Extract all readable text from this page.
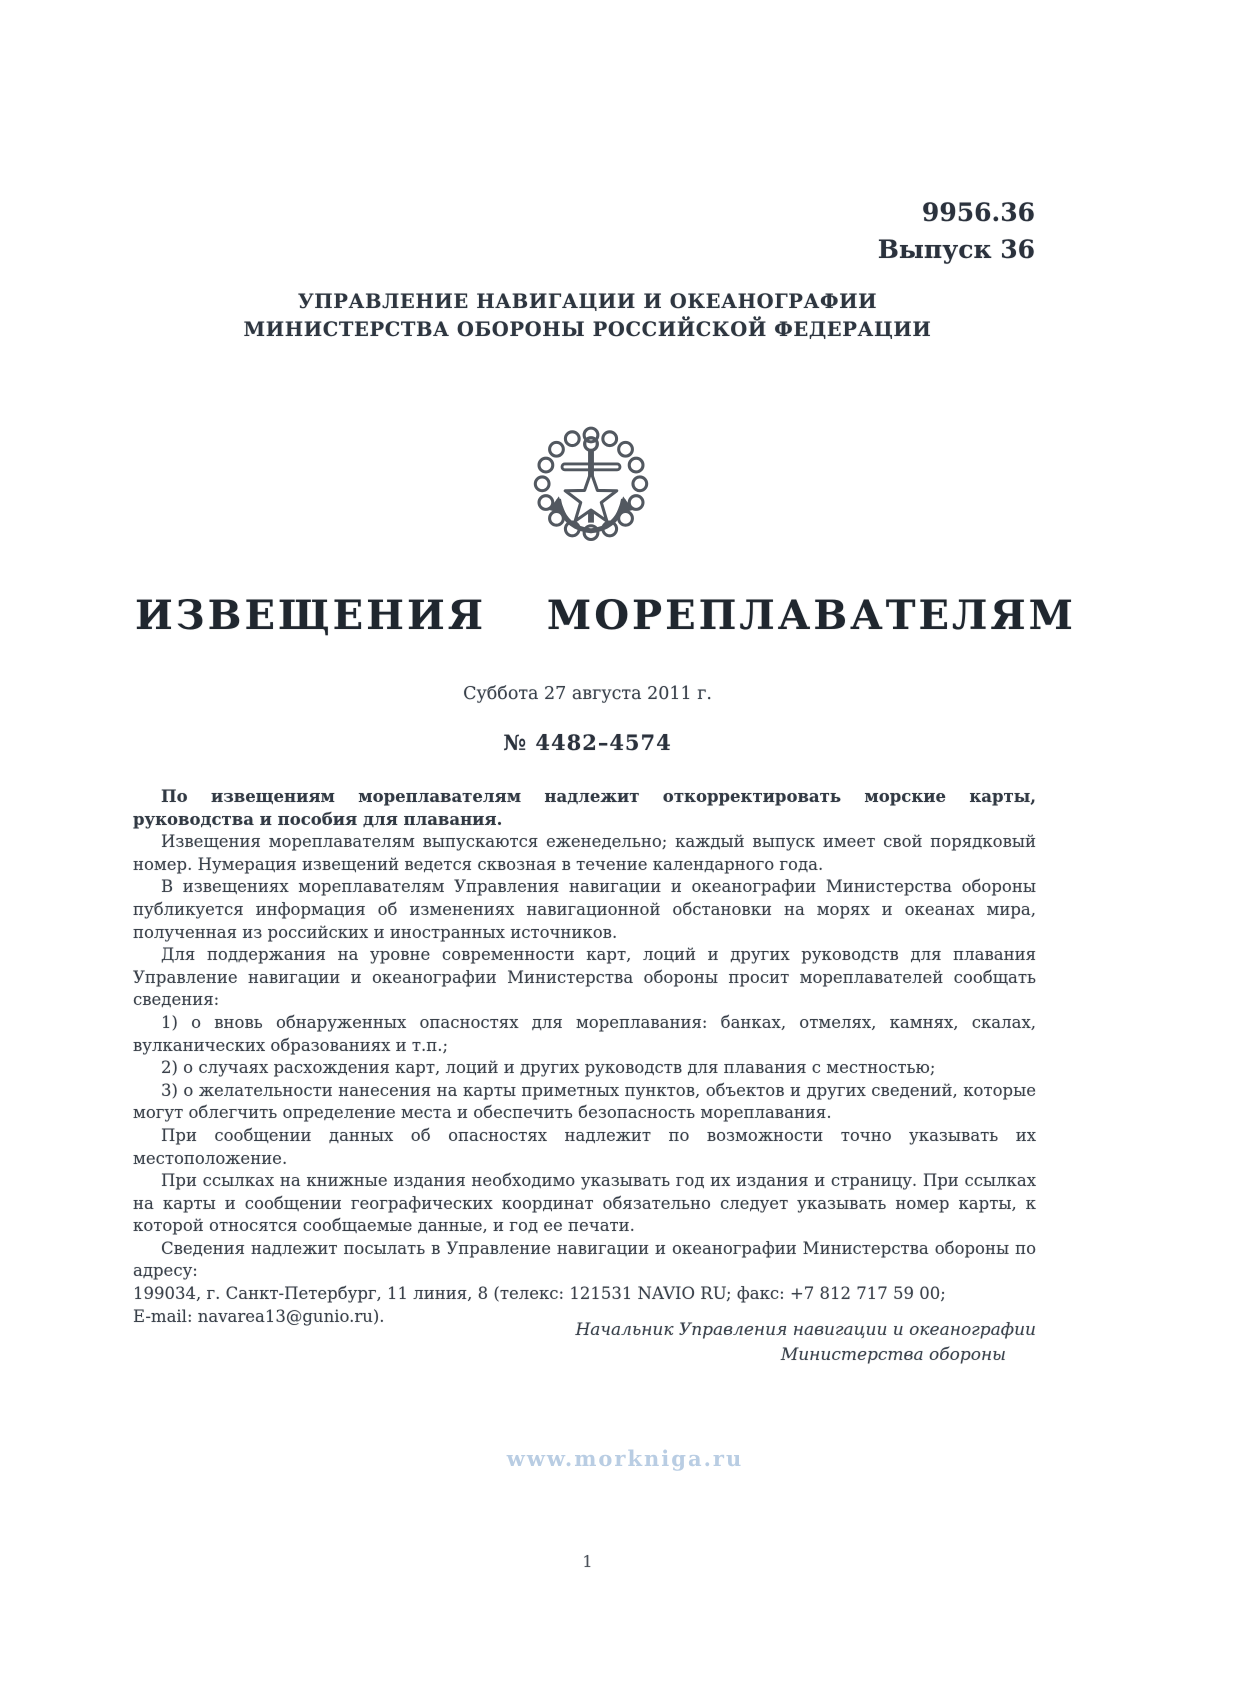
9956.36
Выпуск 36
УПРАВЛЕНИЕ НАВИГАЦИИ И ОКЕАНОГРАФИИ
МИНИСТЕРСТВА ОБОРОНЫ РОССИЙСКОЙ ФЕДЕРАЦИИ
ИЗВЕЩЕНИЯ МОРЕПЛАВАТЕЛЯМ
Суббота 27 августа 2011 г.
№ 4482–4574

По извещениям мореплавателям надлежит откорректировать морские карты, руководства и пособия для плавания.

Извещения мореплавателям выпускаются еженедельно; каждый выпуск имеет свой порядковый номер. Нумерация извещений ведется сквозная в течение календарного года.

В извещениях мореплавателям Управления навигации и океанографии Министерства обороны публикуется информация об изменениях навигационной обстановки на морях и океанах мира, полученная из российских и иностранных источников.

Для поддержания на уровне современности карт, лоций и других руководств для плавания Управление навигации и океанографии Министерства обороны просит мореплавателей сообщать сведения:

1) о вновь обнаруженных опасностях для мореплавания: банках, отмелях, камнях, скалах, вулканических образованиях и т.п.;

2) о случаях расхождения карт, лоций и других руководств для плавания с местностью;

3) о желательности нанесения на карты приметных пунктов, объектов и других сведений, которые могут облегчить определение места и обеспечить безопасность мореплавания.

При сообщении данных об опасностях надлежит по возможности точно указывать их местоположение.

При ссылках на книжные издания необходимо указывать год их издания и страницу. При ссылках на карты и сообщении географических координат обязательно следует указывать номер карты, к которой относятся сообщаемые данные, и год ее печати.

Сведения надлежит посылать в Управление навигации и океанографии Министерства обороны по адресу:

199034, г. Санкт-Петербург, 11 линия, 8 (телекс: 121531 NAVIO RU; факс: +7 812 717 59 00;

E-mail: navarea13@gunio.ru).

Начальник Управления навигации и океанографии
Министерства обороны
www.morkniga.ru
1
